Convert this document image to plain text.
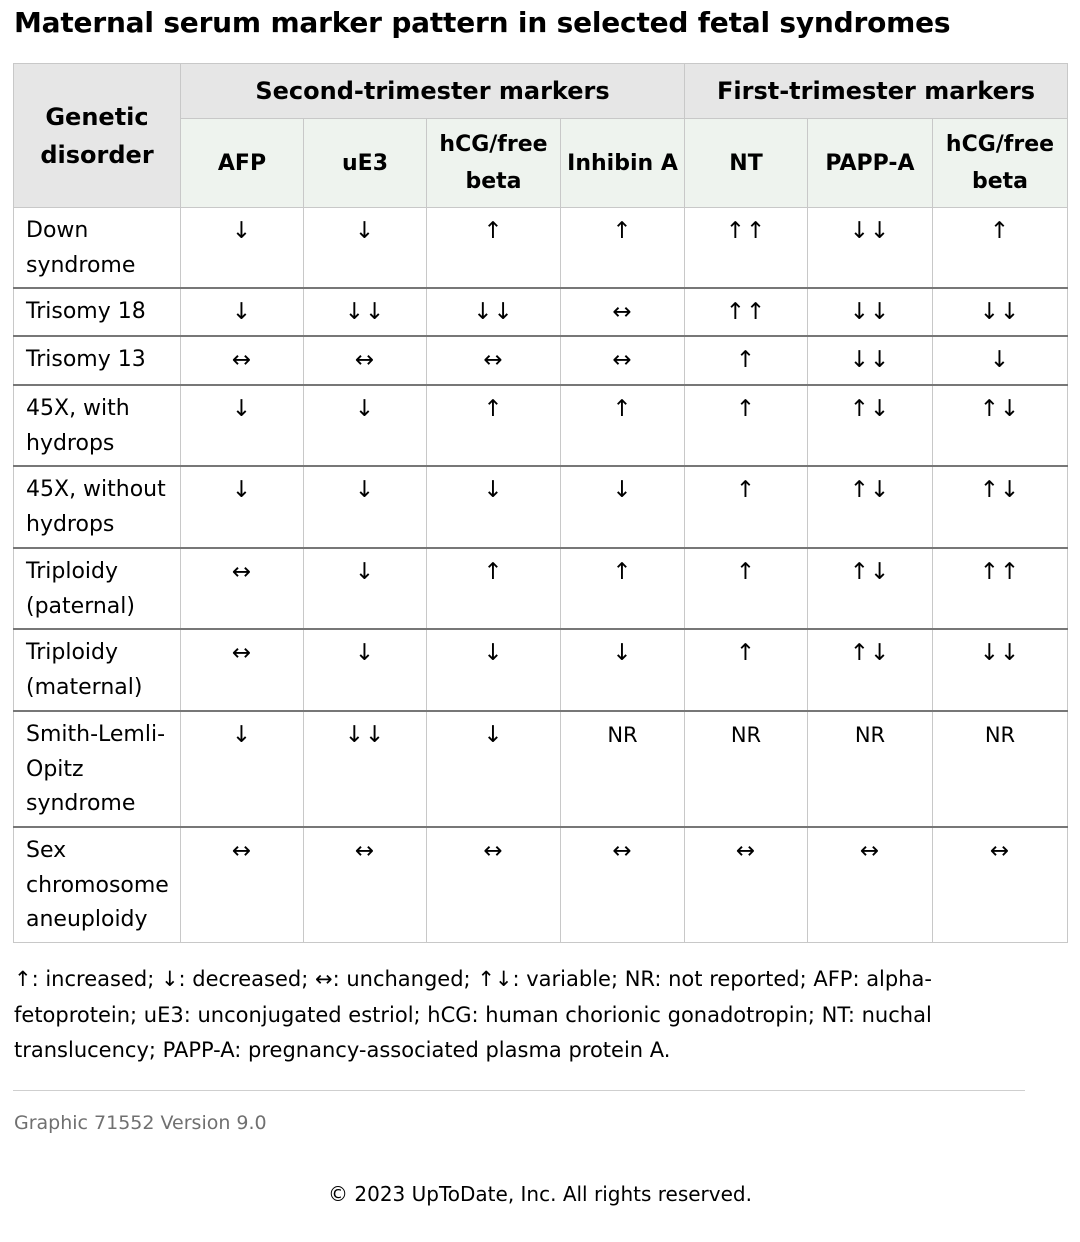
Maternal serum marker pattern in selected fetal syndromes
Genetic disorder	Second-trimester markers				First-trimester markers		
	AFP	uE3	hCG/free beta	Inhibin A	NT	PAPP-A	hCG/free beta
Down syndrome	↓	↓	↑	↑	↑↑	↓↓	↑
Trisomy 18	↓	↓↓	↓↓	↔	↑↑	↓↓	↓↓
Trisomy 13	↔	↔	↔	↔	↑	↓↓	↓
45X, with hydrops	↓	↓	↑	↑	↑	↑↓	↑↓
45X, without hydrops	↓	↓	↓	↓	↑	↑↓	↑↓
Triploidy (paternal)	↔	↓	↑	↑	↑	↑↓	↑↑
Triploidy (maternal)	↔	↓	↓	↓	↑	↑↓	↓↓
Smith-Lemli-Opitz syndrome	↓	↓↓	↓	NR	NR	NR	NR
Sex chromosome aneuploidy	↔	↔	↔	↔	↔	↔	↔
↑: increased; ↓: decreased; ↔: unchanged; ↑↓: variable; NR: not reported; AFP: alpha-fetoprotein; uE3: unconjugated estriol; hCG: human chorionic gonadotropin; NT: nuchal translucency; PAPP-A: pregnancy-associated plasma protein A.
Graphic 71552 Version 9.0
© 2023 UpToDate, Inc. All rights reserved.
